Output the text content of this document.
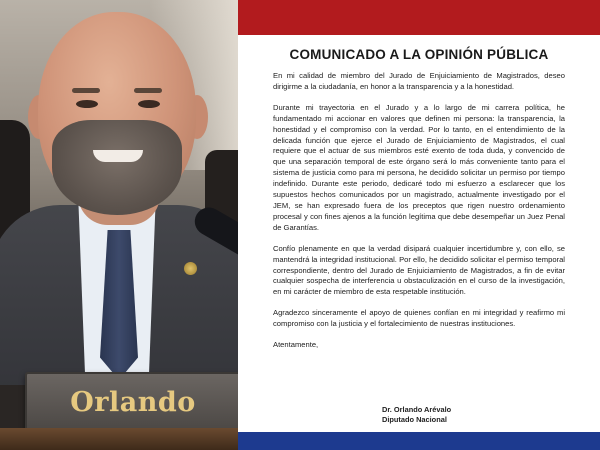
Orlando
COMUNICADO A LA OPINIÓN PÚBLICA

En mi calidad de miembro del Jurado de Enjuiciamiento de Magistrados, deseo dirigirme a la ciudadanía, en honor a la transparencia y a la honestidad.

Durante mi trayectoria en el Jurado y a lo largo de mi carrera política, he fundamentado mi accionar en valores que definen mi persona: la transparencia, la honestidad y el compromiso con la verdad. Por lo tanto, en el entendimiento de la delicada función que ejerce el Jurado de Enjuiciamiento de Magistrados, el cual requiere que el actuar de sus miembros esté exento de toda duda, y convencido de que una separación temporal de este órgano será lo más conveniente tanto para el sistema de justicia como para mi persona, he decidido solicitar un permiso por tiempo indefinido. Durante este periodo, dedicaré todo mi esfuerzo a esclarecer que los supuestos hechos comunicados por un magistrado, actualmente investigado por el JEM, se han expresado fuera de los preceptos que rigen nuestro ordenamiento procesal y con fines ajenos a la función legítima que debe desempeñar un Juez Penal de Garantías.

Confío plenamente en que la verdad disipará cualquier incertidumbre y, con ello, se mantendrá la integridad institucional. Por ello, he decidido solicitar el permiso temporal correspondiente, dentro del Jurado de Enjuiciamiento de Magistrados, a fin de evitar cualquier sospecha de interferencia u obstaculización en el curso de la investigación, en mi carácter de miembro de esta respetable institución.

Agradezco sinceramente el apoyo de quienes confían en mi integridad y reafirmo mi compromiso con la justicia y el fortalecimiento de nuestras instituciones.

Atentamente,

Dr. Orlando Arévalo
Diputado Nacional
